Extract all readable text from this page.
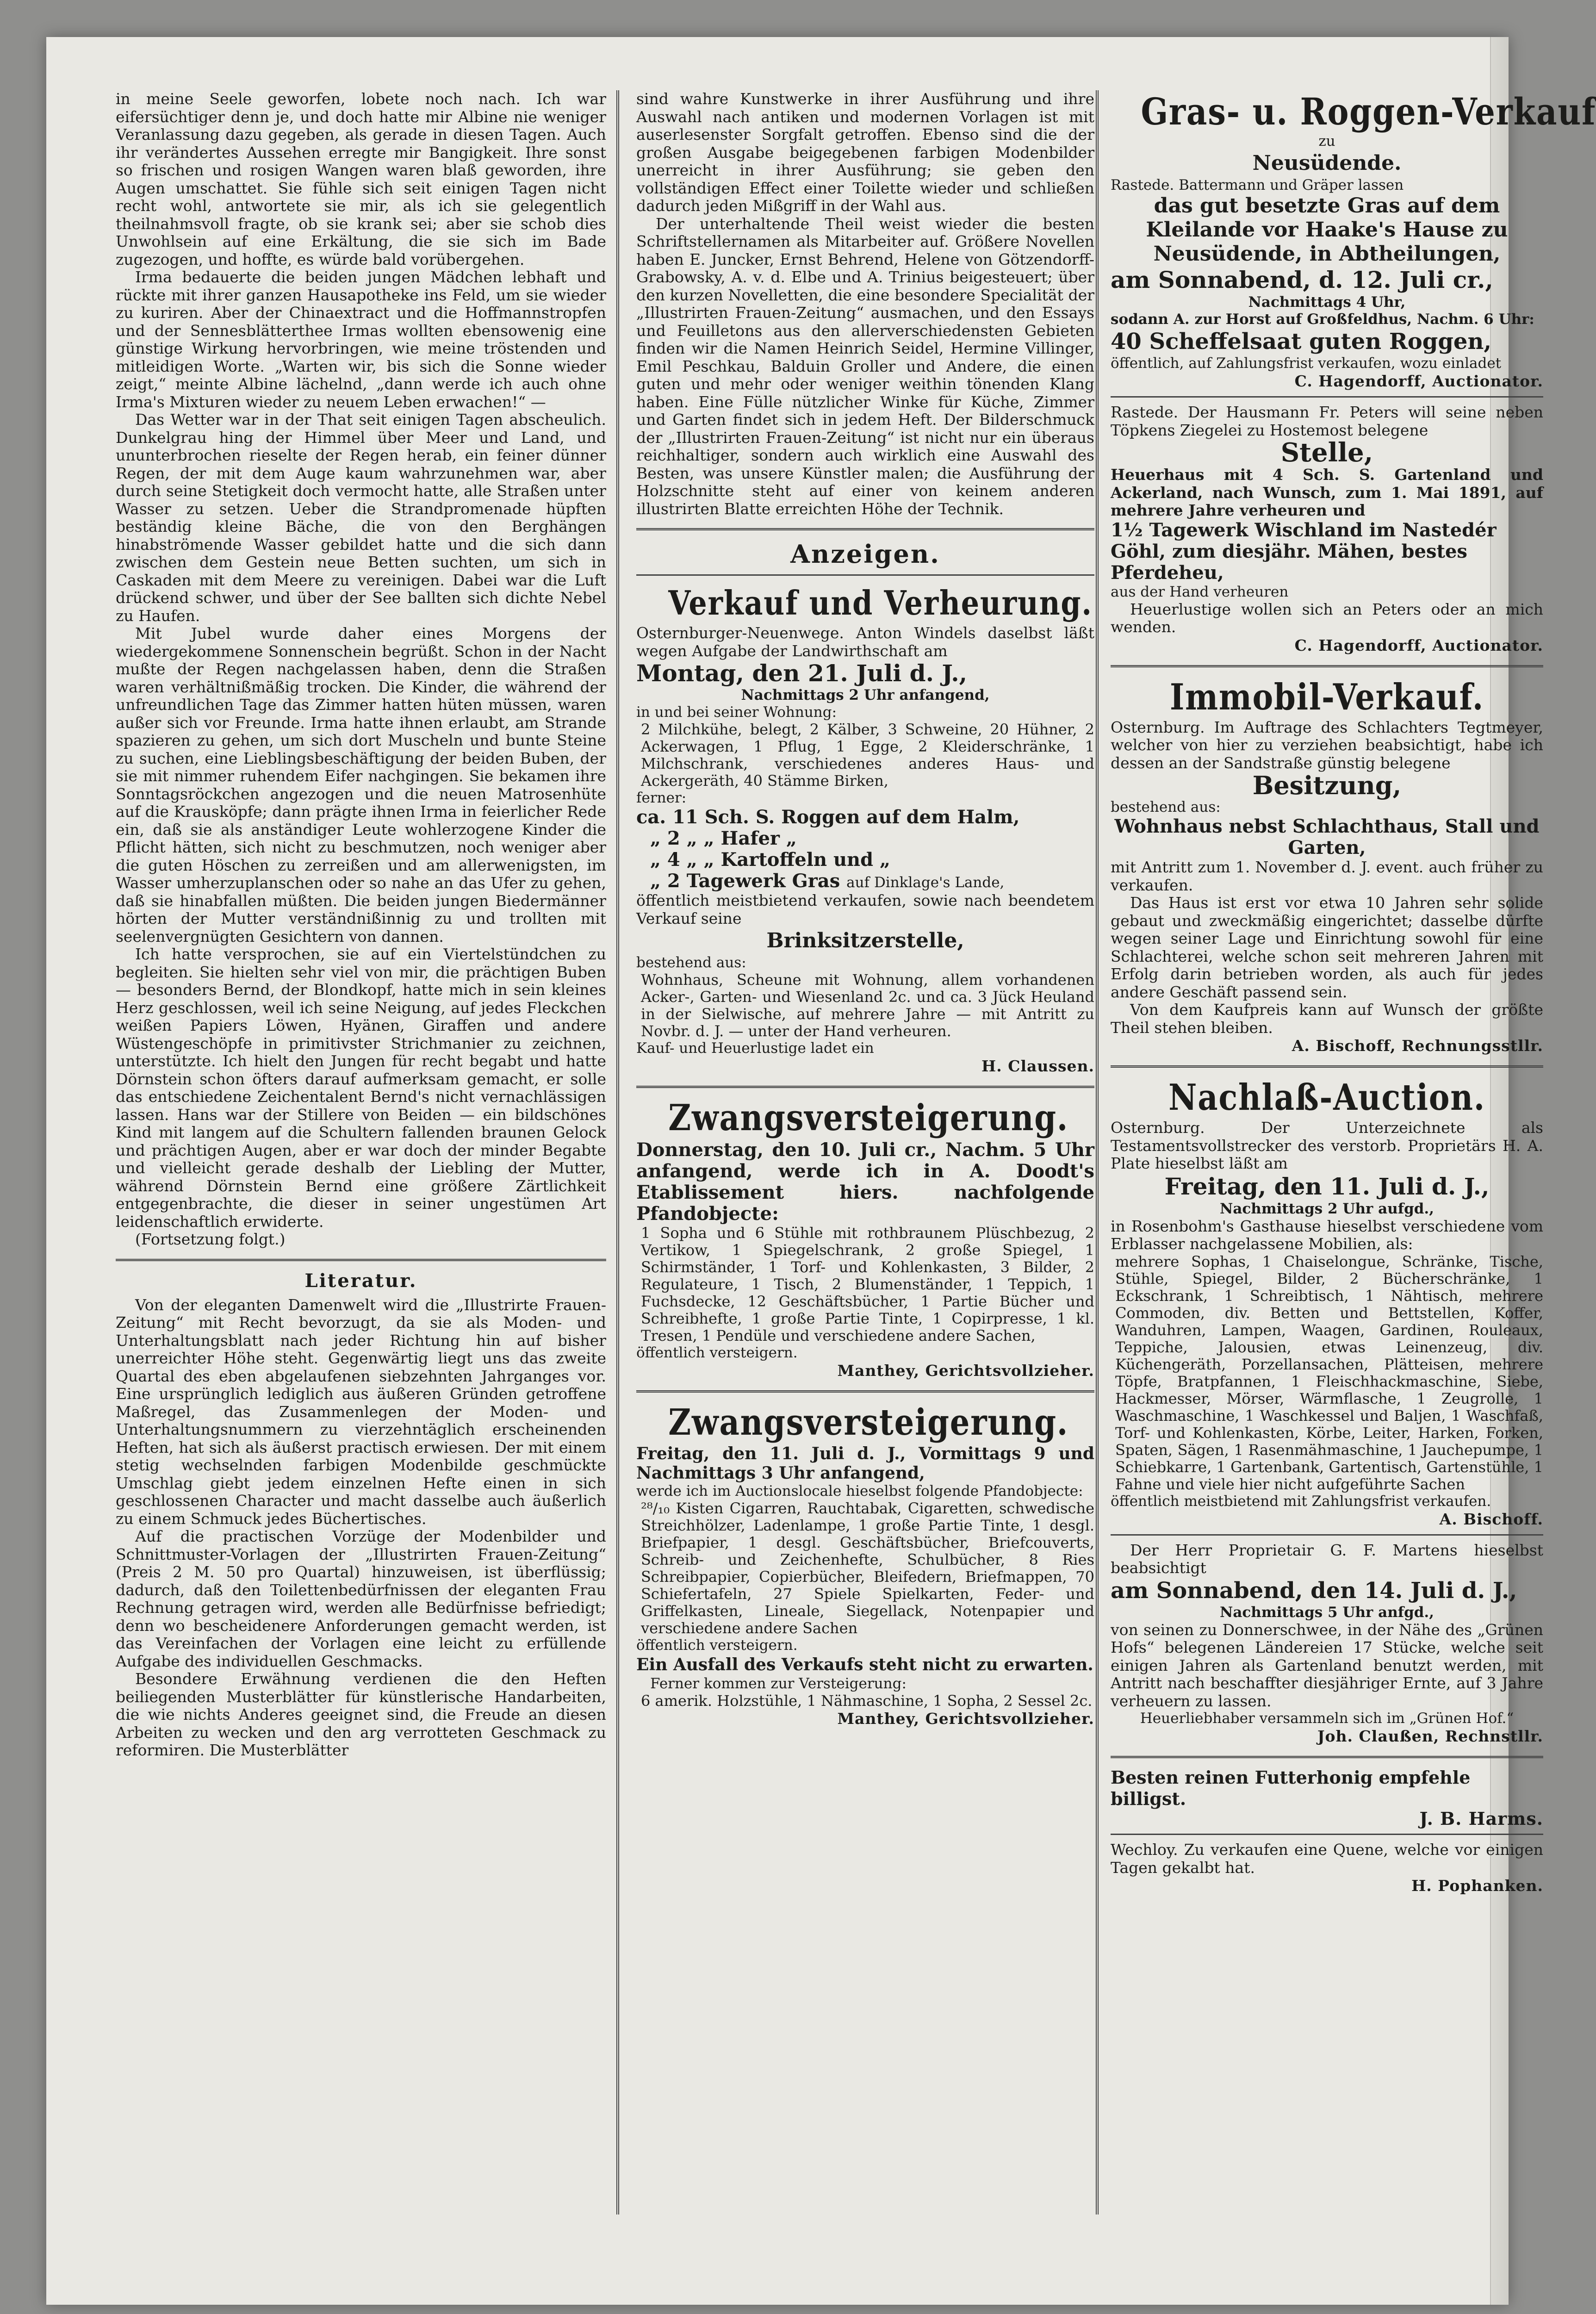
in meine Seele geworfen, lobete noch nach. Ich war eifersüchtiger denn je, und doch hatte mir Albine nie weniger Veranlassung dazu gegeben, als gerade in diesen Tagen. Auch ihr verändertes Aussehen erregte mir Bangigkeit. Ihre sonst so frischen und rosigen Wangen waren blaß geworden, ihre Augen umschattet. Sie fühle sich seit einigen Tagen nicht recht wohl, antwortete sie mir, als ich sie gelegentlich theilnahmsvoll fragte, ob sie krank sei; aber sie schob dies Unwohlsein auf eine Erkältung, die sie sich im Bade zugezogen, und hoffte, es würde bald vorübergehen.

Irma bedauerte die beiden jungen Mädchen lebhaft und rückte mit ihrer ganzen Hausapotheke ins Feld, um sie wieder zu kuriren. Aber der Chinaextract und die Hoffmannstropfen und der Sennesblätterthee Irmas wollten ebensowenig eine günstige Wirkung hervorbringen, wie meine tröstenden und mitleidigen Worte. „Warten wir, bis sich die Sonne wieder zeigt,“ meinte Albine lächelnd, „dann werde ich auch ohne Irma's Mixturen wieder zu neuem Leben erwachen!“ —

Das Wetter war in der That seit einigen Tagen abscheulich. Dunkelgrau hing der Himmel über Meer und Land, und ununterbrochen rieselte der Regen herab, ein feiner dünner Regen, der mit dem Auge kaum wahrzunehmen war, aber durch seine Stetigkeit doch vermocht hatte, alle Straßen unter Wasser zu setzen. Ueber die Strandpromenade hüpften beständig kleine Bäche, die von den Berghängen hinabströmende Wasser gebildet hatte und die sich dann zwischen dem Gestein neue Betten suchten, um sich in Caskaden mit dem Meere zu vereinigen. Dabei war die Luft drückend schwer, und über der See ballten sich dichte Nebel zu Haufen.

Mit Jubel wurde daher eines Morgens der wiedergekommene Sonnenschein begrüßt. Schon in der Nacht mußte der Regen nachgelassen haben, denn die Straßen waren verhältnißmäßig trocken. Die Kinder, die während der unfreundlichen Tage das Zimmer hatten hüten müssen, waren außer sich vor Freunde. Irma hatte ihnen erlaubt, am Strande spazieren zu gehen, um sich dort Muscheln und bunte Steine zu suchen, eine Lieblingsbeschäftigung der beiden Buben, der sie mit nimmer ruhendem Eifer nachgingen. Sie bekamen ihre Sonntagsröckchen angezogen und die neuen Matrosenhüte auf die Krausköpfe; dann prägte ihnen Irma in feierlicher Rede ein, daß sie als anständiger Leute wohlerzogene Kinder die Pflicht hätten, sich nicht zu beschmutzen, noch weniger aber die guten Höschen zu zerreißen und am allerwenigsten, im Wasser umherzuplanschen oder so nahe an das Ufer zu gehen, daß sie hinabfallen müßten. Die beiden jungen Biedermänner hörten der Mutter verständnißinnig zu und trollten mit seelenvergnügten Gesichtern von dannen.

Ich hatte versprochen, sie auf ein Viertelstündchen zu begleiten. Sie hielten sehr viel von mir, die prächtigen Buben — besonders Bernd, der Blondkopf, hatte mich in sein kleines Herz geschlossen, weil ich seine Neigung, auf jedes Fleckchen weißen Papiers Löwen, Hyänen, Giraffen und andere Wüstengeschöpfe in primitivster Strichmanier zu zeichnen, unterstützte. Ich hielt den Jungen für recht begabt und hatte Dörnstein schon öfters darauf aufmerksam gemacht, er solle das entschiedene Zeichentalent Bernd's nicht vernachlässigen lassen. Hans war der Stillere von Beiden — ein bildschönes Kind mit langem auf die Schultern fallenden braunen Gelock und prächtigen Augen, aber er war doch der minder Begabte und vielleicht gerade deshalb der Liebling der Mutter, während Dörnstein Bernd eine größere Zärtlichkeit entgegenbrachte, die dieser in seiner ungestümen Art leidenschaftlich erwiderte.

(Fortsetzung folgt.)

Literatur.

Von der eleganten Damenwelt wird die „Illustrirte Frauen-Zeitung“ mit Recht bevorzugt, da sie als Moden- und Unterhaltungsblatt nach jeder Richtung hin auf bisher unerreichter Höhe steht. Gegenwärtig liegt uns das zweite Quartal des eben abgelaufenen siebzehnten Jahrganges vor. Eine ursprünglich lediglich aus äußeren Gründen getroffene Maßregel, das Zusammenlegen der Moden- und Unterhaltungsnummern zu vierzehntäglich erscheinenden Heften, hat sich als äußerst practisch erwiesen. Der mit einem stetig wechselnden farbigen Modenbilde geschmückte Umschlag giebt jedem einzelnen Hefte einen in sich geschlossenen Character und macht dasselbe auch äußerlich zu einem Schmuck jedes Büchertisches.

Auf die practischen Vorzüge der Modenbilder und Schnittmuster-Vorlagen der „Illustrirten Frauen-Zeitung“ (Preis 2 M. 50 pro Quartal) hinzuweisen, ist überflüssig; dadurch, daß den Toilettenbedürfnissen der eleganten Frau Rechnung getragen wird, werden alle Bedürfnisse befriedigt; denn wo bescheidenere Anforderungen gemacht werden, ist das Vereinfachen der Vorlagen eine leicht zu erfüllende Aufgabe des individuellen Geschmacks.

Besondere Erwähnung verdienen die den Heften beiliegenden Musterblätter für künstlerische Handarbeiten, die wie nichts Anderes geeignet sind, die Freude an diesen Arbeiten zu wecken und den arg verrotteten Geschmack zu reformiren. Die Musterblätter

sind wahre Kunstwerke in ihrer Ausführung und ihre Auswahl nach antiken und modernen Vorlagen ist mit auserlesenster Sorgfalt getroffen. Ebenso sind die der großen Ausgabe beigegebenen farbigen Modenbilder unerreicht in ihrer Ausführung; sie geben den vollständigen Effect einer Toilette wieder und schließen dadurch jeden Mißgriff in der Wahl aus.

Der unterhaltende Theil weist wieder die besten Schriftstellernamen als Mitarbeiter auf. Größere Novellen haben E. Juncker, Ernst Behrend, Helene von Götzendorff-Grabowsky, A. v. d. Elbe und A. Trinius beigesteuert; über den kurzen Novelletten, die eine besondere Specialität der „Illustrirten Frauen-Zeitung“ ausmachen, und den Essays und Feuilletons aus den allerverschiedensten Gebieten finden wir die Namen Heinrich Seidel, Hermine Villinger, Emil Peschkau, Balduin Groller und Andere, die einen guten und mehr oder weniger weithin tönenden Klang haben. Eine Fülle nützlicher Winke für Küche, Zimmer und Garten findet sich in jedem Heft. Der Bilderschmuck der „Illustrirten Frauen-Zeitung“ ist nicht nur ein überaus reichhaltiger, sondern auch wirklich eine Auswahl des Besten, was unsere Künstler malen; die Ausführung der Holzschnitte steht auf einer von keinem anderen illustrirten Blatte erreichten Höhe der Technik.

Anzeigen.
Verkauf und Verheurung.

Osternburger-Neuenwege. Anton Windels daselbst läßt wegen Aufgabe der Landwirthschaft am

Montag, den 21. Juli d. J.,
Nachmittags 2 Uhr anfangend,
in und bei seiner Wohnung:

2 Milchkühe, belegt, 2 Kälber, 3 Schweine, 20 Hühner, 2 Ackerwagen, 1 Pflug, 1 Egge, 2 Kleiderschränke, 1 Milchschrank, verschiedenes anderes Haus- und Ackergeräth, 40 Stämme Birken,

ferner:
ca. 11 Sch. S. Roggen auf dem Halm,
„ 2 „ „ Hafer „
„ 4 „ „ Kartoffeln und „
„ 2 Tagewerk Gras auf Dinklage's Lande,

öffentlich meistbietend verkaufen, sowie nach beendetem Verkauf seine

Brinksitzerstelle,
bestehend aus:

Wohnhaus, Scheune mit Wohnung, allem vorhandenen Acker-, Garten- und Wiesenland 2c. und ca. 3 Jück Heuland in der Sielwische, auf mehrere Jahre — mit Antritt zu Novbr. d. J. — unter der Hand verheuren.

Kauf- und Heuerlustige ladet ein
H. Claussen.
Zwangsversteigerung.

Donnerstag, den 10. Juli cr., Nachm. 5 Uhr anfangend, werde ich in A. Doodt's Etablissement hiers. nachfolgende Pfandobjecte:

1 Sopha und 6 Stühle mit rothbraunem Plüschbezug, 2 Vertikow, 1 Spiegelschrank, 2 große Spiegel, 1 Schirmständer, 1 Torf- und Kohlenkasten, 3 Bilder, 2 Regulateure, 1 Tisch, 2 Blumenständer, 1 Teppich, 1 Fuchsdecke, 12 Geschäftsbücher, 1 Partie Bücher und Schreibhefte, 1 große Partie Tinte, 1 Copirpresse, 1 kl. Tresen, 1 Pendüle und verschiedene andere Sachen,

öffentlich versteigern.
Manthey, Gerichtsvollzieher.
Zwangsversteigerung.

Freitag, den 11. Juli d. J., Vormittags 9 und Nachmittags 3 Uhr anfangend,

werde ich im Auctionslocale hieselbst folgende Pfandobjecte:

²⁸/₁₀ Kisten Cigarren, Rauchtabak, Cigaretten, schwedische Streichhölzer, Ladenlampe, 1 große Partie Tinte, 1 desgl. Briefpapier, 1 desgl. Geschäftsbücher, Briefcouverts, Schreib- und Zeichenhefte, Schulbücher, 8 Ries Schreibpapier, Copierbücher, Bleifedern, Briefmappen, 70 Schiefertafeln, 27 Spiele Spielkarten, Feder- und Griffelkasten, Lineale, Siegellack, Notenpapier und verschiedene andere Sachen

öffentlich versteigern.
Ein Ausfall des Verkaufs steht nicht zu erwarten.
Ferner kommen zur Versteigerung:

6 amerik. Holzstühle, 1 Nähmaschine, 1 Sopha, 2 Sessel 2c.

Manthey, Gerichtsvollzieher.
Gras- u. Roggen-Verkauf
zu
Neusüdende.
Rastede. Battermann und Gräper lassen

das gut besetzte Gras auf dem Kleilande vor Haake's Hause zu Neusüdende, in Abtheilungen,

am Sonnabend, d. 12. Juli cr.,
Nachmittags 4 Uhr,
sodann A. zur Horst auf Großfeldhus, Nachm. 6 Uhr:
40 Scheffelsaat guten Roggen,
öffentlich, auf Zahlungsfrist verkaufen, wozu einladet
C. Hagendorff, Auctionator.

Rastede. Der Hausmann Fr. Peters will seine neben Töpkens Ziegelei zu Hostemost belegene

Stelle,

Heuerhaus mit 4 Sch. S. Gartenland und Ackerland, nach Wunsch, zum 1. Mai 1891, auf mehrere Jahre verheuren und

1½ Tagewerk Wischland im Nastedér Göhl, zum diesjähr. Mähen, bestes Pferdeheu,

aus der Hand verheuren

Heuerlustige wollen sich an Peters oder an mich wenden.

C. Hagendorff, Auctionator.
Immobil-Verkauf.

Osternburg. Im Auftrage des Schlachters Tegtmeyer, welcher von hier zu verziehen beabsichtigt, habe ich dessen an der Sandstraße günstig belegene

Besitzung,
bestehend aus:

Wohnhaus nebst Schlachthaus, Stall und Garten,

mit Antritt zum 1. November d. J. event. auch früher zu verkaufen.

Das Haus ist erst vor etwa 10 Jahren sehr solide gebaut und zweckmäßig eingerichtet; dasselbe dürfte wegen seiner Lage und Einrichtung sowohl für eine Schlachterei, welche schon seit mehreren Jahren mit Erfolg darin betrieben worden, als auch für jedes andere Geschäft passend sein.

Von dem Kaufpreis kann auf Wunsch der größte Theil stehen bleiben.

A. Bischoff, Rechnungsstllr.
Nachlaß-Auction.

Osternburg. Der Unterzeichnete als Testamentsvollstrecker des verstorb. Proprietärs H. A. Plate hieselbst läßt am

Freitag, den 11. Juli d. J.,
Nachmittags 2 Uhr aufgd.,

in Rosenbohm's Gasthause hieselbst verschiedene vom Erblasser nachgelassene Mobilien, als:

mehrere Sophas, 1 Chaiselongue, Schränke, Tische, Stühle, Spiegel, Bilder, 2 Bücherschränke, 1 Eckschrank, 1 Schreibtisch, 1 Nähtisch, mehrere Commoden, div. Betten und Bettstellen, Koffer, Wanduhren, Lampen, Waagen, Gardinen, Rouleaux, Teppiche, Jalousien, etwas Leinenzeug, div. Küchengeräth, Porzellansachen, Plätteisen, mehrere Töpfe, Bratpfannen, 1 Fleischhackmaschine, Siebe, Hackmesser, Mörser, Wärmflasche, 1 Zeugrolle, 1 Waschmaschine, 1 Waschkessel und Baljen, 1 Waschfaß, Torf- und Kohlenkasten, Körbe, Leiter, Harken, Forken, Spaten, Sägen, 1 Rasenmähmaschine, 1 Jauchepumpe, 1 Schiebkarre, 1 Gartenbank, Gartentisch, Gartenstühle, 1 Fahne und viele hier nicht aufgeführte Sachen

öffentlich meistbietend mit Zahlungsfrist verkaufen.
A. Bischoff.

Der Herr Proprietair G. F. Martens hieselbst beabsichtigt

am Sonnabend, den 14. Juli d. J.,
Nachmittags 5 Uhr anfgd.,

von seinen zu Donnerschwee, in der Nähe des „Grünen Hofs“ belegenen Ländereien 17 Stücke, welche seit einigen Jahren als Gartenland benutzt werden, mit Antritt nach beschaffter diesjähriger Ernte, auf 3 Jahre verheuern zu lassen.

Heuerliebhaber versammeln sich im „Grünen Hof.“
Joh. Claußen, Rechnstllr.
Besten reinen Futterhonig empfehle billigst.
J. B. Harms.

Wechloy. Zu verkaufen eine Quene, welche vor einigen Tagen gekalbt hat.

H. Pophanken.
